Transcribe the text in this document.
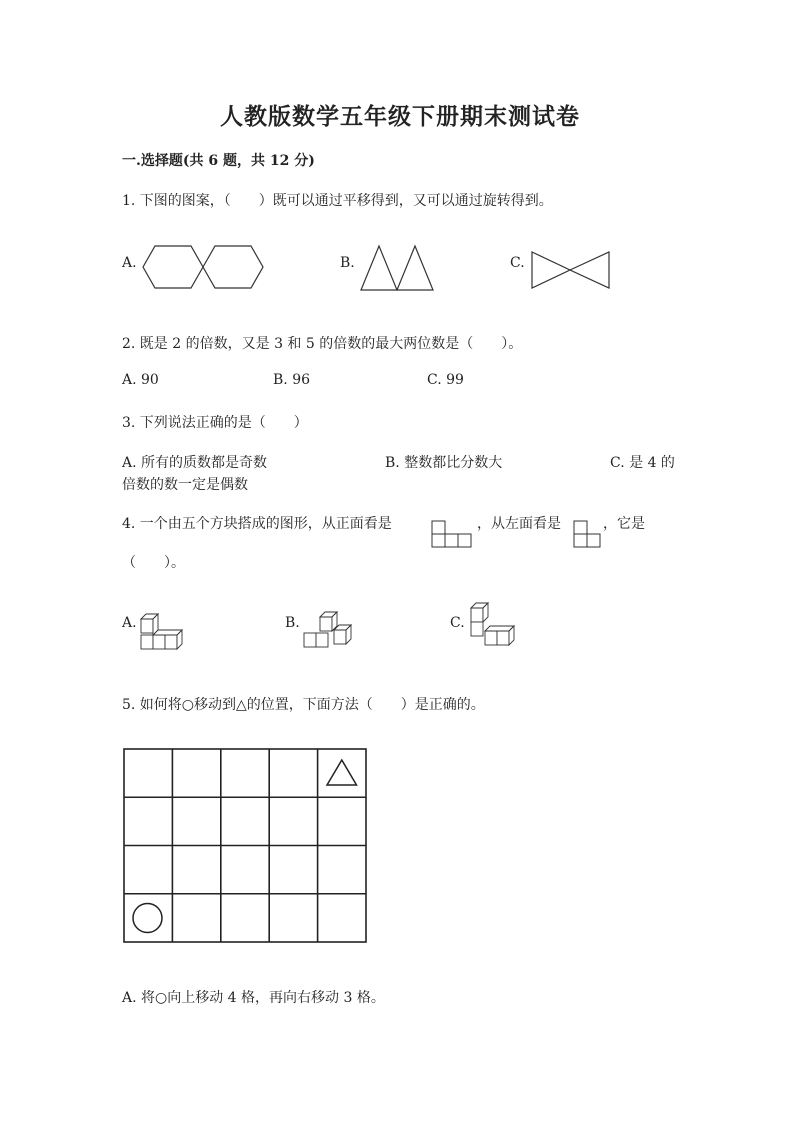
人教版数学五年级下册期末测试卷
一.选择题(共 6 题，共 12 分)
1. 下图的图案，（　　）既可以通过平移得到，又可以通过旋转得到。
A.	B.	C.
2. 既是 2 的倍数，又是 3 和 5 的倍数的最大两位数是（　　）。
A. 90	B. 96	C. 99
3. 下列说法正确的是（　　）
A. 所有的质数都是奇数	B. 整数都比分数大	C. 是 4 的
倍数的数一定是偶数
4. 一个由五个方块搭成的图形，从正面看是	，从左面看是	，它是
（　　）。
A.	B.	C.
5. 如何将○移动到△的位置，下面方法（　　）是正确的。
A. 将○向上移动 4 格，再向右移动 3 格。
